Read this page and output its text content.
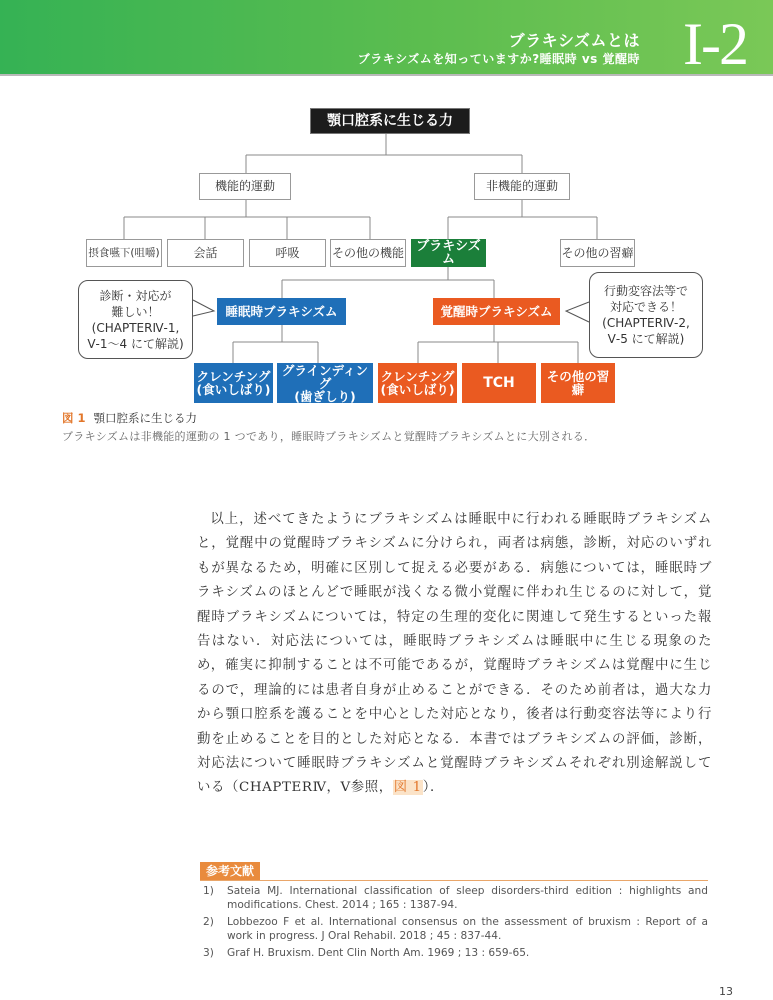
ブラキシズムとは
ブラキシズムを知っていますか?睡眠時 vs 覚醒時 I-2
顎口腔系に生じる力
機能的運動	非機能的運動
摂食嚥下(咀嚼)	会話	呼吸	その他の機能 ブラキシズム	その他の習癖
睡眠時ブラキシズム	覚醒時ブラキシズム
診断・対応が
難しい！
(CHAPTERⅣ-1,
Ⅴ-1～4 にて解説)
行動変容法等で
対応できる！
(CHAPTERⅣ-2,
Ⅴ-5 にて解説)
クレンチング
(食いしばり)
グラインディング
(歯ぎしり)
クレンチング
(食いしばり)	TCH	その他の習癖
図 1 顎口腔系に生じる力
ブラキシズムは非機能的運動の 1 つであり，睡眠時ブラキシズムと覚醒時ブラキシズムとに大別される．
以上，述べてきたようにブラキシズムは睡眠中に行われる睡眠時ブラキシズムと，覚醒中の覚醒時ブラキシズムに分けられ，両者は病態，診断，対応のいずれもが異なるため，明確に区別して捉える必要がある．病態については，睡眠時ブラキシズムのほとんどで睡眠が浅くなる微小覚醒に伴われ生じるのに対して，覚醒時ブラキシズムについては，特定の生理的変化に関連して発生するといった報告はない．対応法については，睡眠時ブラキシズムは睡眠中に生じる現象のため，確実に抑制することは不可能であるが，覚醒時ブラキシズムは覚醒中に生じるので，理論的には患者自身が止めることができる．そのため前者は，過大な力から顎口腔系を護ることを中心とした対応となり，後者は行動変容法等により行動を止めることを目的とした対応となる．本書ではブラキシズムの評価，診断，対応法について睡眠時ブラキシズムと覚醒時ブラキシズムそれぞれ別途解説している（CHAPTERⅣ，Ⅴ参照，図 1）．
参考文献
1)	Sateia MJ. International classification of sleep disorders-third edition : highlights and modifications. Chest. 2014 ; 165 : 1387-94.
2)	Lobbezoo F et al. International consensus on the assessment of bruxism : Report of a work in progress. J Oral Rehabil. 2018 ; 45 : 837-44.
3)	Graf H. Bruxism. Dent Clin North Am. 1969 ; 13 : 659-65.
13
